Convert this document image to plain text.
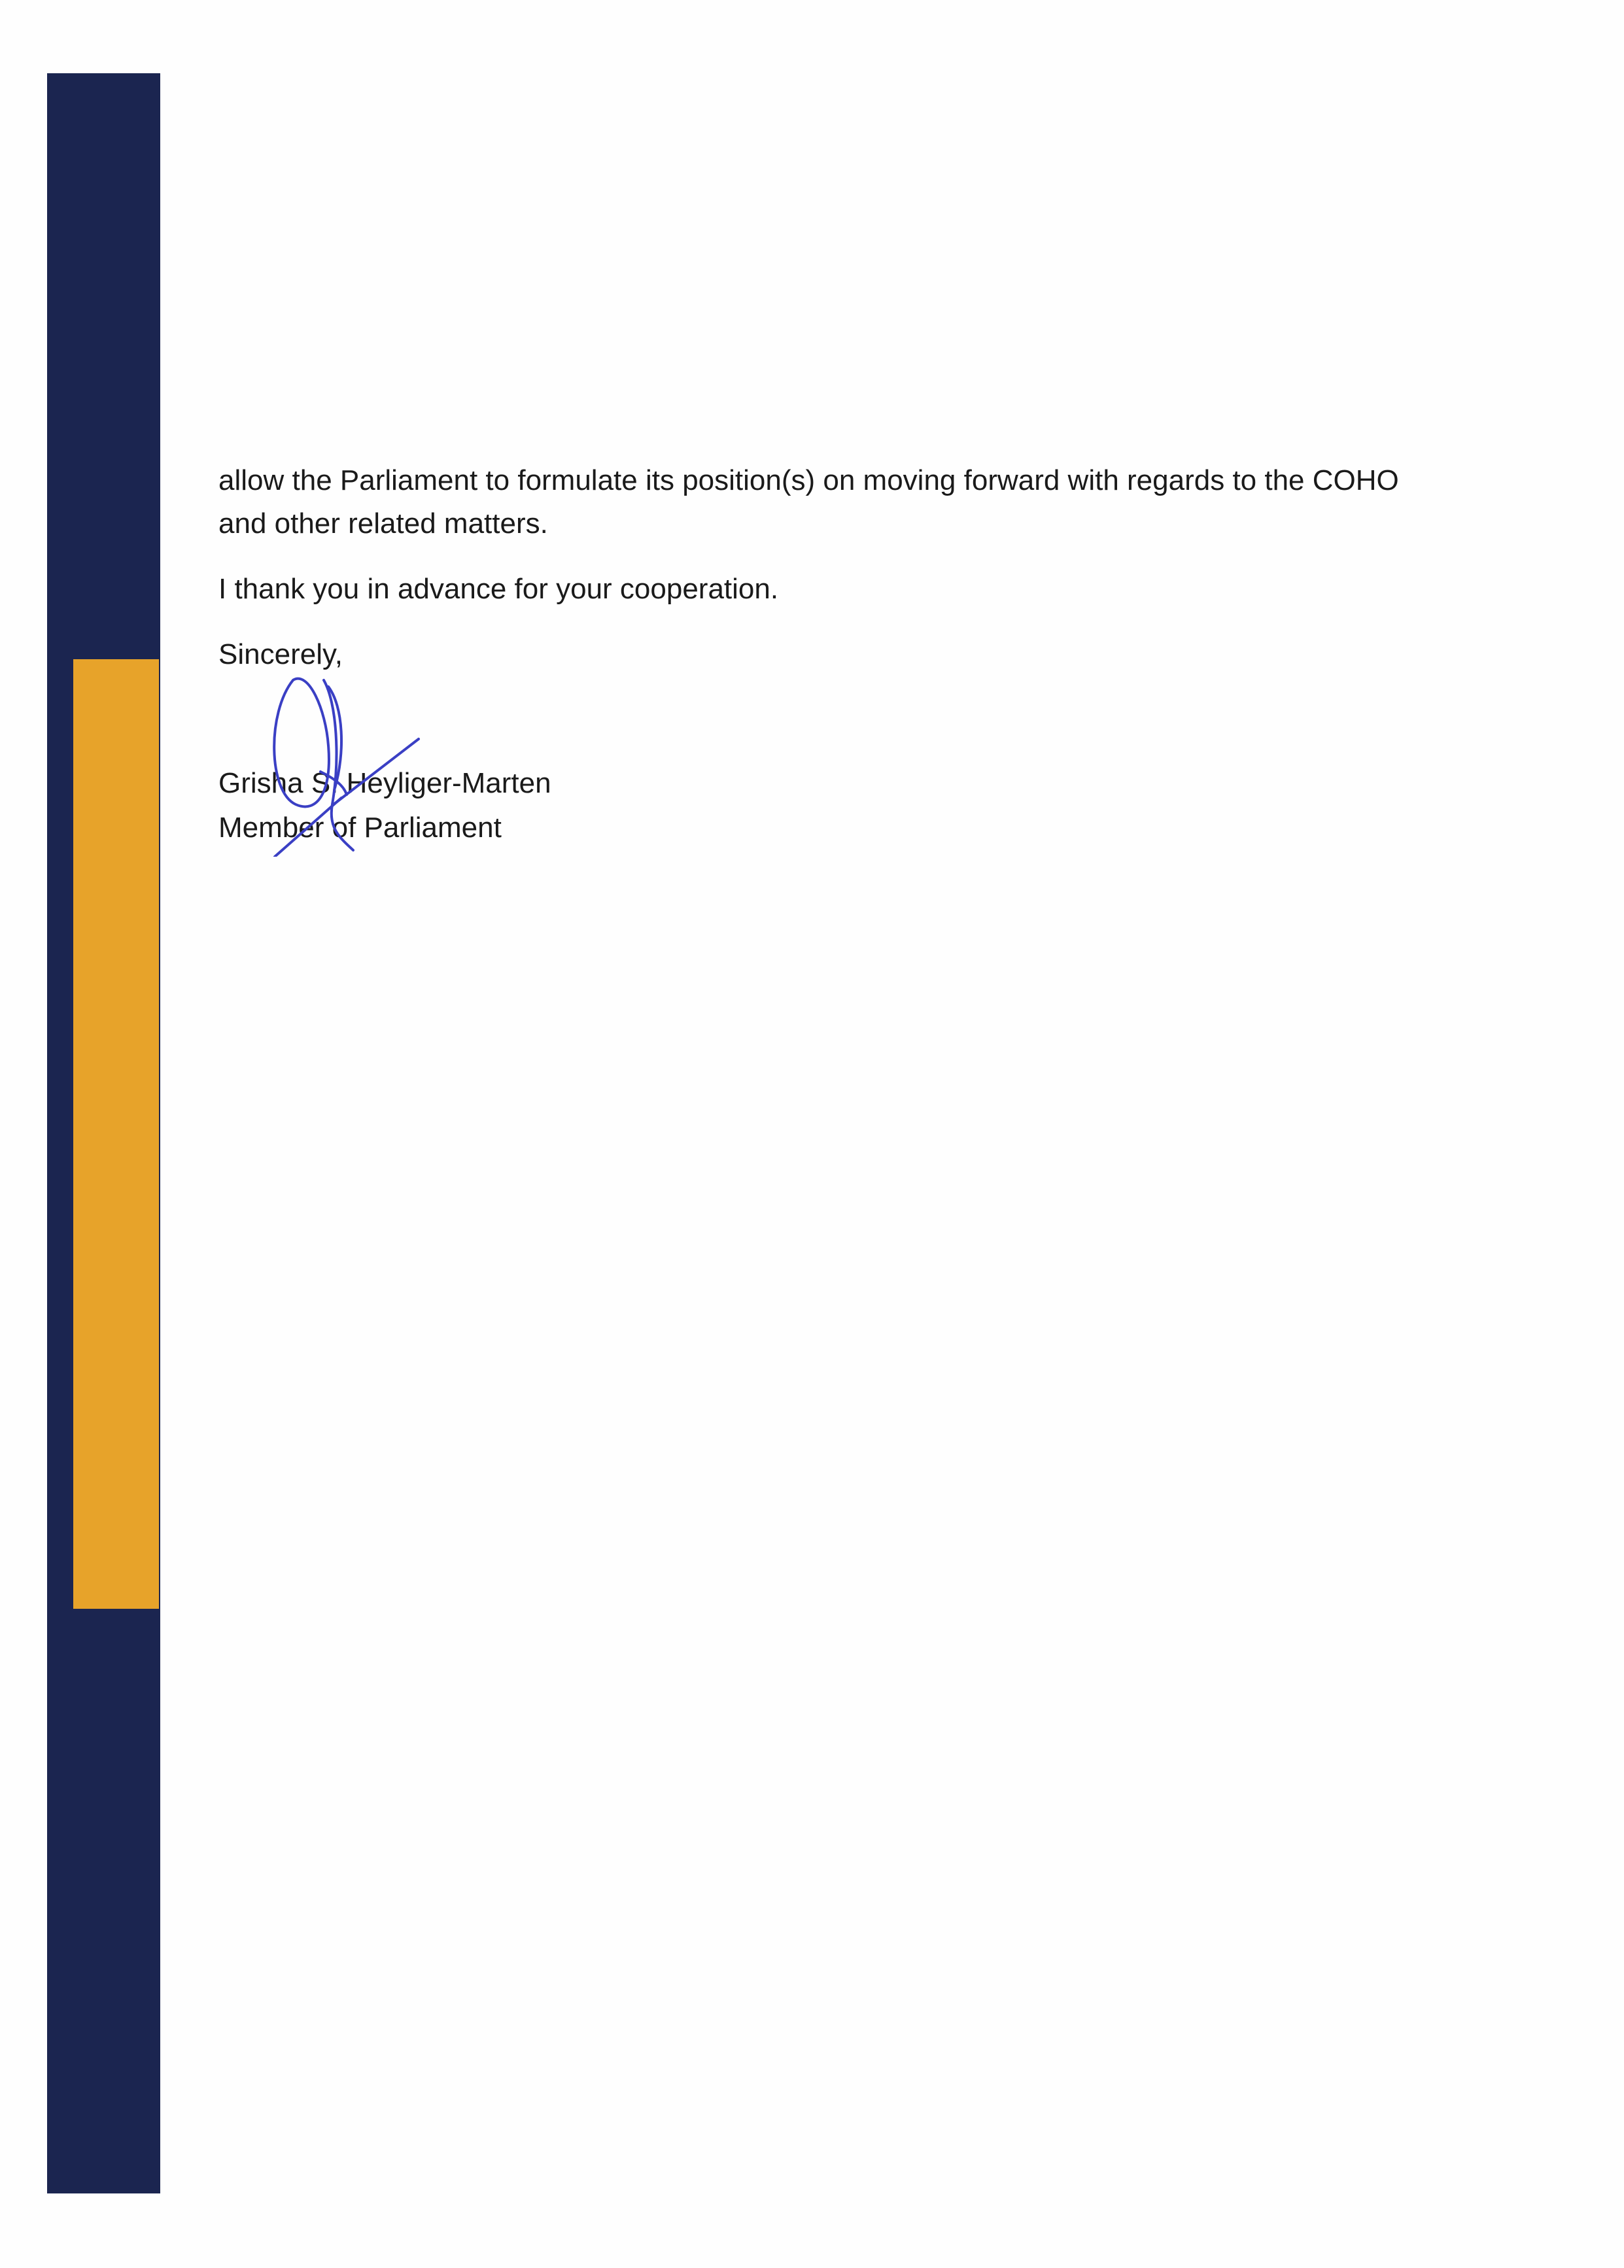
allow the Parliament to formulate its position(s) on moving forward with regards to the COHO
and other related matters.

I thank you in advance for your cooperation.

Sincerely,

Grisha S. Heyliger-Marten
Member of Parliament
